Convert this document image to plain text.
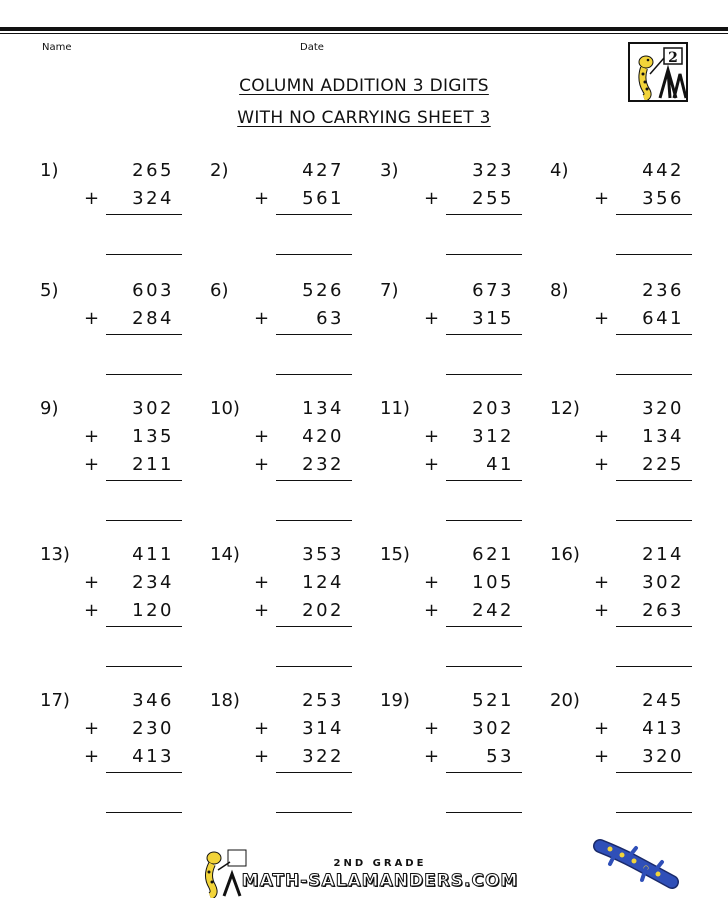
Name	Date
COLUMN ADDITION 3 DIGITS
WITH NO CARRYING SHEET 3
2
1)	265
+ 324
2)	427
+ 561
3)	323
+ 255
4)	442
+ 356
5)	603
+ 284
6)	526
+	63
7)	673
+ 315
8)	236
+ 641
9)	302
+ 135
+ 211
10)	134
+ 420
+ 232
11)	203
+ 312
+	41
12)	320
+ 134
+ 225
13)	411
+ 234
+ 120
14)	353
+ 124
+ 202
15)	621
+ 105
+ 242
16)	214
+ 302
+ 263
17)	346
+ 230
+ 413
18)	253
+ 314
+ 322
19)	521
+ 302
+	53
20)	245
+ 413
+ 320
2ND GRADE
MATH-SALAMANDERS.COM
